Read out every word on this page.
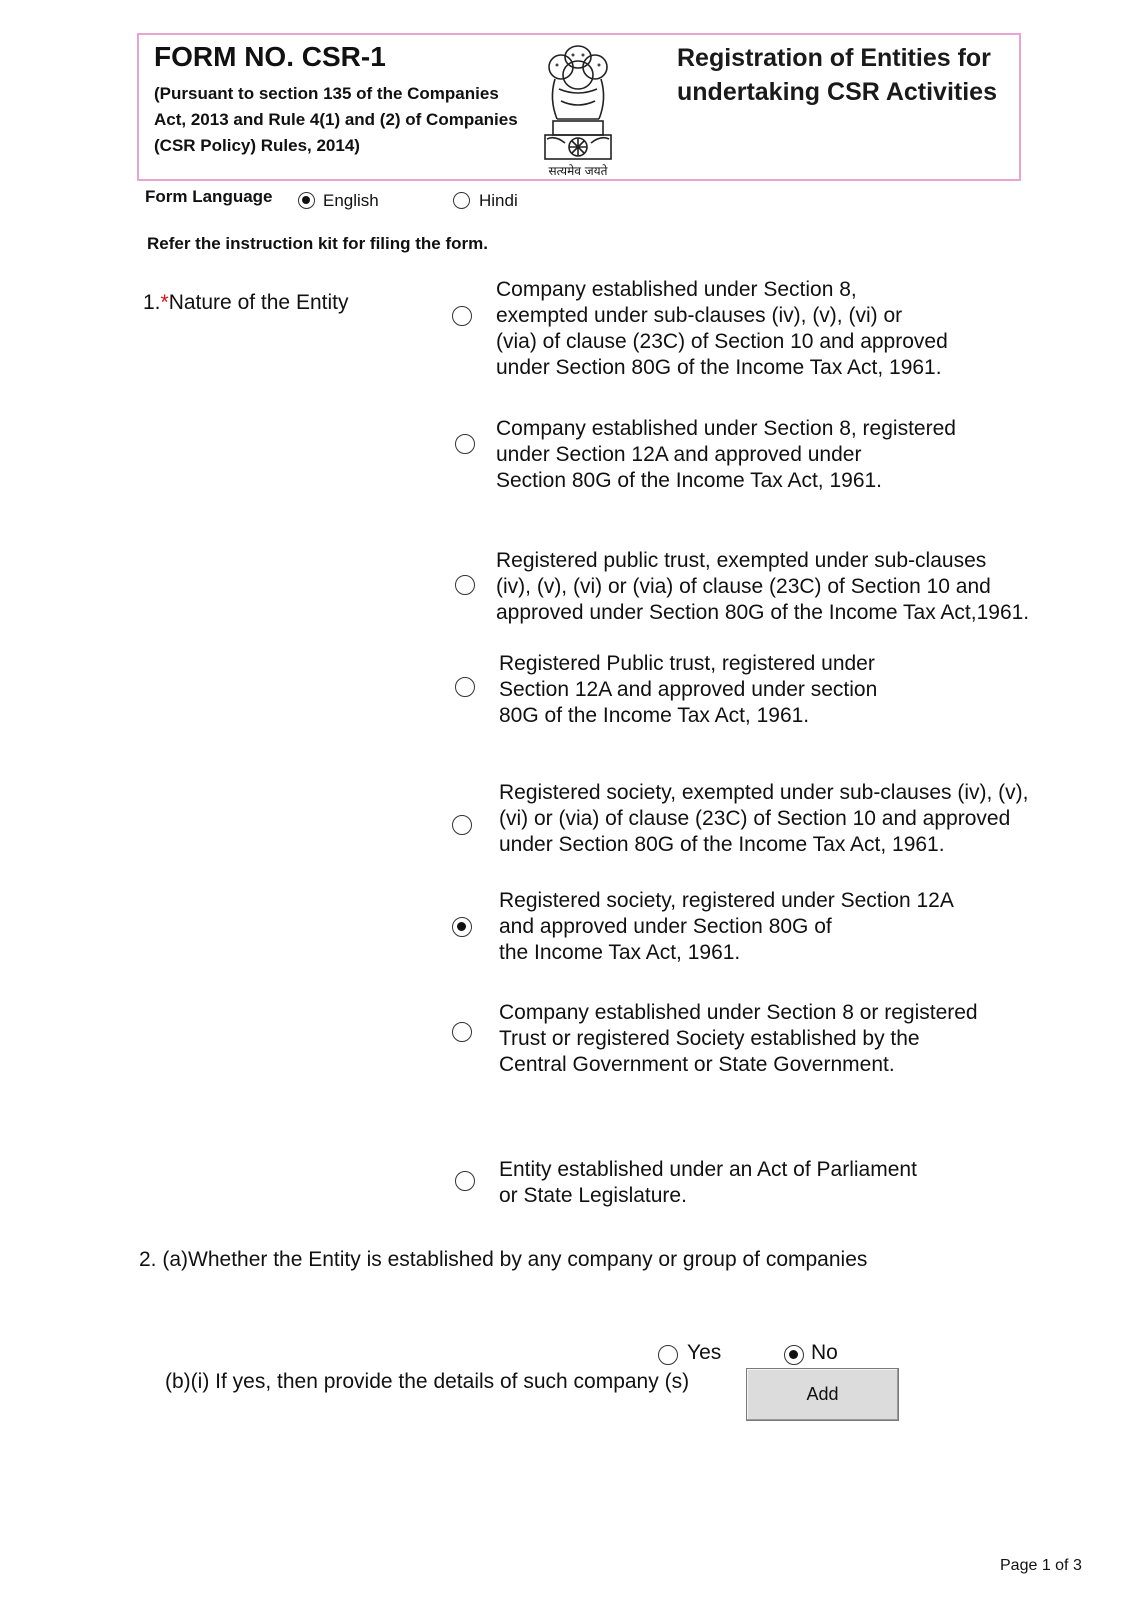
FORM NO. CSR-1
(Pursuant to section 135 of the Companies Act, 2013 and Rule 4(1) and (2) of Companies (CSR Policy) Rules, 2014)
सत्यमेव जयते
Registration of Entities for undertaking CSR Activities
Form Language	English	Hindi
Refer the instruction kit for filing the form.
1.*Nature of the Entity
Company established under Section 8,
exempted under sub-clauses (iv), (v), (vi) or
(via) of clause (23C) of Section 10 and approved
under Section 80G of the Income Tax Act, 1961.
Company established under Section 8, registered
under Section 12A and approved under
Section 80G of the Income Tax Act, 1961.
Registered public trust, exempted under sub-clauses
(iv), (v), (vi) or (via) of clause (23C) of Section 10 and
approved under Section 80G of the Income Tax Act,1961.
Registered Public trust, registered under
Section 12A and approved under section
80G of the Income Tax Act, 1961.
Registered society, exempted under sub-clauses (iv), (v),
(vi) or (via) of clause (23C) of Section 10 and approved
under Section 80G of the Income Tax Act, 1961.
Registered society, registered under Section 12A
and approved under Section 80G of
the Income Tax Act, 1961.
Company established under Section 8 or registered
Trust or registered Society established by the
Central Government or State Government.
Entity established under an Act of Parliament
or State Legislature.
2. (a)Whether the Entity is established by any company or group of companies
Yes	No
(b)(i) If yes, then provide the details of such company (s)
Add
Page 1 of 3
